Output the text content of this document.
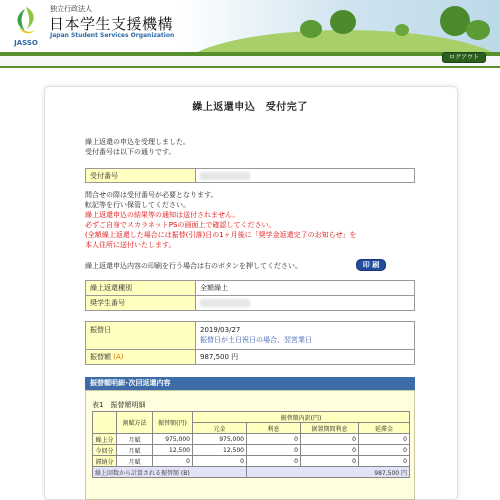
JASSO
独立行政法人
日本学生支援機構
Japan Student Services Organization
ログアウト
繰上返還申込　受付完了
繰上返還の申込を受理しました。
受付番号は以下の通りです。
受付番号	
問合せの際は受付番号が必要となります。
転記等を行い保管してください。
繰上返還申込の結果等の通知は送付されません。
必ずご自身でスカラネットPSの画面上で確認してください。
(全額繰上返還した場合には振替(引落)日の1ヶ月後に「奨学金返還完了のお知らせ」を
本人住所に送付いたします。
繰上返還申込内容の印刷を行う場合は右のボタンを押してください。	印 刷
繰上返還種別	全額繰上
奨学生番号	
振替日	2019/03/27
振替日が土日祝日の場合、翌営業日

振替額 (A)	987,500 円
振替額明細･次回返還内容
表1　振替額明細
	割賦方法	振替額(円)	振替額内訳(円)			
			元金	利息	据置期間利息	延滞金
繰上分	月賦	975,000	975,000	0	0	0
今回分	月賦	12,500	12,500	0	0	0
滞納分	月賦	0	0	0	0	0
繰上回数から計算される振替額 (B)				987,500 円		
